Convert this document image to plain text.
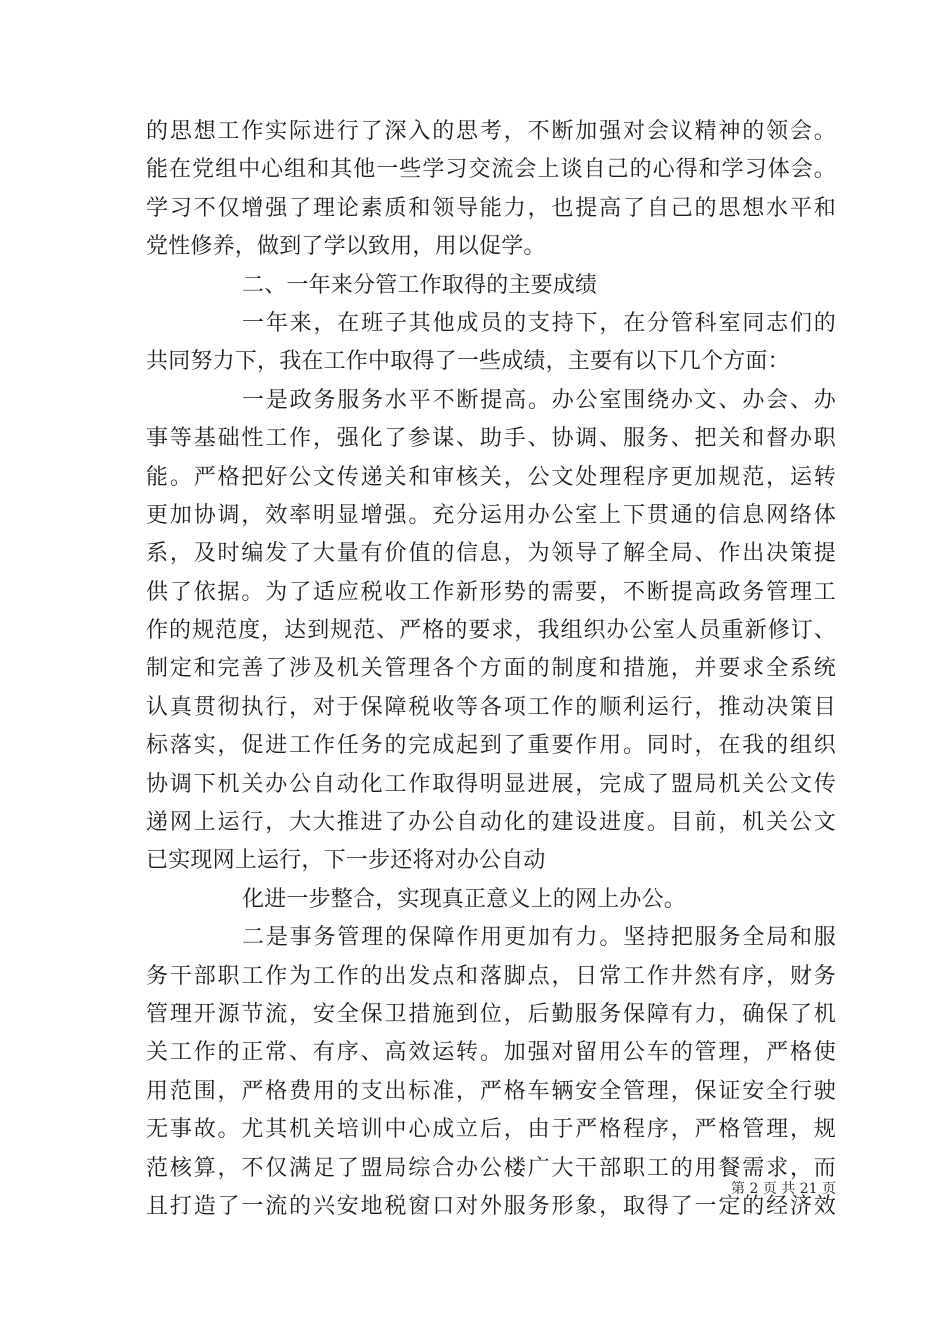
的思想工作实际进行了深入的思考，不断加强对会议精神的领会。
能在党组中心组和其他一些学习交流会上谈自己的心得和学习体会。
学习不仅增强了理论素质和领导能力，也提高了自己的思想水平和
党性修养，做到了学以致用，用以促学。
二、一年来分管工作取得的主要成绩
一年来，在班子其他成员的支持下，在分管科室同志们的
共同努力下，我在工作中取得了一些成绩，主要有以下几个方面：
一是政务服务水平不断提高。办公室围绕办文、办会、办
事等基础性工作，强化了参谋、助手、协调、服务、把关和督办职
能。严格把好公文传递关和审核关，公文处理程序更加规范，运转
更加协调，效率明显增强。充分运用办公室上下贯通的信息网络体
系，及时编发了大量有价值的信息，为领导了解全局、作出决策提
供了依据。为了适应税收工作新形势的需要，不断提高政务管理工
作的规范度，达到规范、严格的要求，我组织办公室人员重新修订、
制定和完善了涉及机关管理各个方面的制度和措施，并要求全系统
认真贯彻执行，对于保障税收等各项工作的顺利运行，推动决策目
标落实，促进工作任务的完成起到了重要作用。同时，在我的组织
协调下机关办公自动化工作取得明显进展，完成了盟局机关公文传
递网上运行，大大推进了办公自动化的建设进度。目前，机关公文
已实现网上运行，下一步还将对办公自动
化进一步整合，实现真正意义上的网上办公。
二是事务管理的保障作用更加有力。坚持把服务全局和服
务干部职工作为工作的出发点和落脚点，日常工作井然有序，财务
管理开源节流，安全保卫措施到位，后勤服务保障有力，确保了机
关工作的正常、有序、高效运转。加强对留用公车的管理，严格使
用范围，严格费用的支出标准，严格车辆安全管理，保证安全行驶
无事故。尤其机关培训中心成立后，由于严格程序，严格管理，规
范核算，不仅满足了盟局综合办公楼广大干部职工的用餐需求，而
且打造了一流的兴安地税窗口对外服务形象，取得了一定的经济效
第 2 页 共 21 页
